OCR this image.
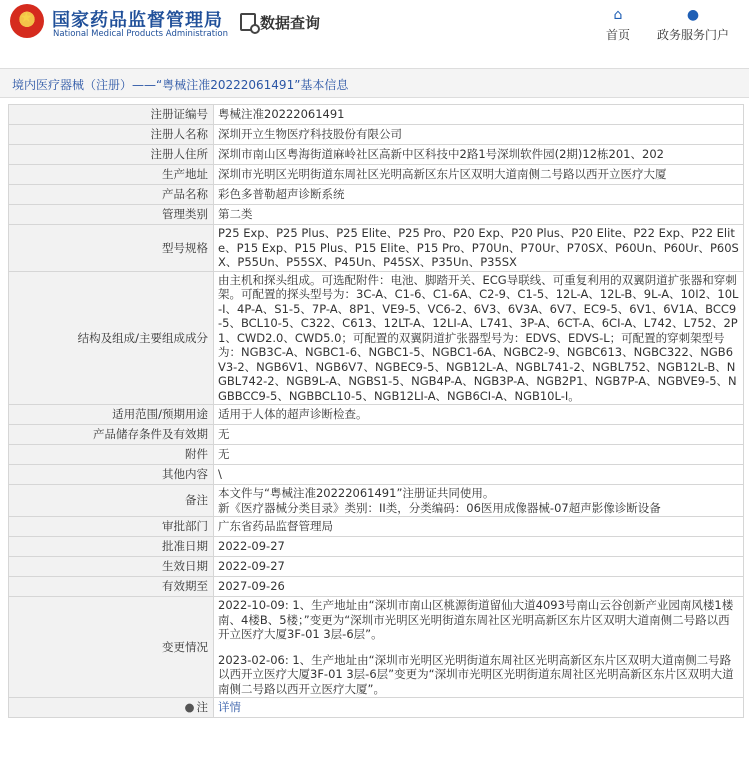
★
国家药品监督管理局
National Medical Products Administration
数据查询	⌂
首页
●
政务服务门户
境内医疗器械（注册）——“粤械注准20222061491”基本信息
注册证编号	粤械注准20222061491
注册人名称	深圳开立生物医疗科技股份有限公司
注册人住所	深圳市南山区粤海街道麻岭社区高新中区科技中2路1号深圳软件园(2期)12栋201、202
生产地址	深圳市光明区光明街道东周社区光明高新区东片区双明大道南侧二号路以西开立医疗大厦
产品名称	彩色多普勒超声诊断系统
管理类别	第二类
型号规格	P25 Exp、P25 Plus、P25 Elite、P25 Pro、P20 Exp、P20 Plus、P20 Elite、P22 Exp、P22 Elite、P15 Exp、P15 Plus、P15 Elite、P15 Pro、P70Un、P70Ur、P70SX、P60Un、P60Ur、P60SX、P55Un、P55SX、P45Un、P45SX、P35Un、P35SX
结构及组成/主要组成成分	由主机和探头组成。可选配附件：电池、脚踏开关、ECG导联线、可重复利用的双翼阴道扩张器和穿刺架。可配置的探头型号为：3C-A、C1-6、C1-6A、C2-9、C1-5、12L-A、12L-B、9L-A、10I2、10L-I、4P-A、S1-5、7P-A、8P1、VE9-5、VC6-2、6V3、6V3A、6V7、EC9-5、6V1、6V1A、BCC9-5、BCL10-5、C322、C613、12LT-A、12LI-A、L741、3P-A、6CT-A、6CI-A、L742、L752、2P1、CWD2.0、CWD5.0；可配置的双翼阴道扩张器型号为：EDVS、EDVS-L；可配置的穿刺架型号为：NGB3C-A、NGBC1-6、NGBC1-5、NGBC1-6A、NGBC2-9、NGBC613、NGBC322、NGB6V3-2、NGB6V1、NGB6V7、NGBEC9-5、NGB12L-A、NGBL741-2、NGBL752、NGB12L-B、NGBL742-2、NGB9L-A、NGBS1-5、NGB4P-A、NGB3P-A、NGB2P1、NGB7P-A、NGBVE9-5、NGBBCC9-5、NGBBCL10-5、NGB12LI-A、NGB6CI-A、NGB10L-I。
适用范围/预期用途	适用于人体的超声诊断检查。
产品储存条件及有效期	无
附件	无
其他内容	\
备注	本文件与“粤械注准20222061491”注册证共同使用。

新《医疗器械分类目录》类别：II类，分类编码：06医用成像器械-07超声影像诊断设备

审批部门	广东省药品监督管理局
批准日期	2022-09-27
生效日期	2022-09-27
有效期至	2027-09-26
变更情况	2022-10-09: 1、生产地址由“深圳市南山区桃源街道留仙大道4093号南山云谷创新产业园南风楼1楼南、4楼B、5楼；”变更为“深圳市光明区光明街道东周社区光明高新区东片区双明大道南侧二号路以西开立医疗大厦3F-01 3层-6层”。

2023-02-06: 1、生产地址由“深圳市光明区光明街道东周社区光明高新区东片区双明大道南侧二号路以西开立医疗大厦3F-01 3层-6层”变更为“深圳市光明区光明街道东周社区光明高新区东片区双明大道南侧二号路以西开立医疗大厦”。

● 注	详情
